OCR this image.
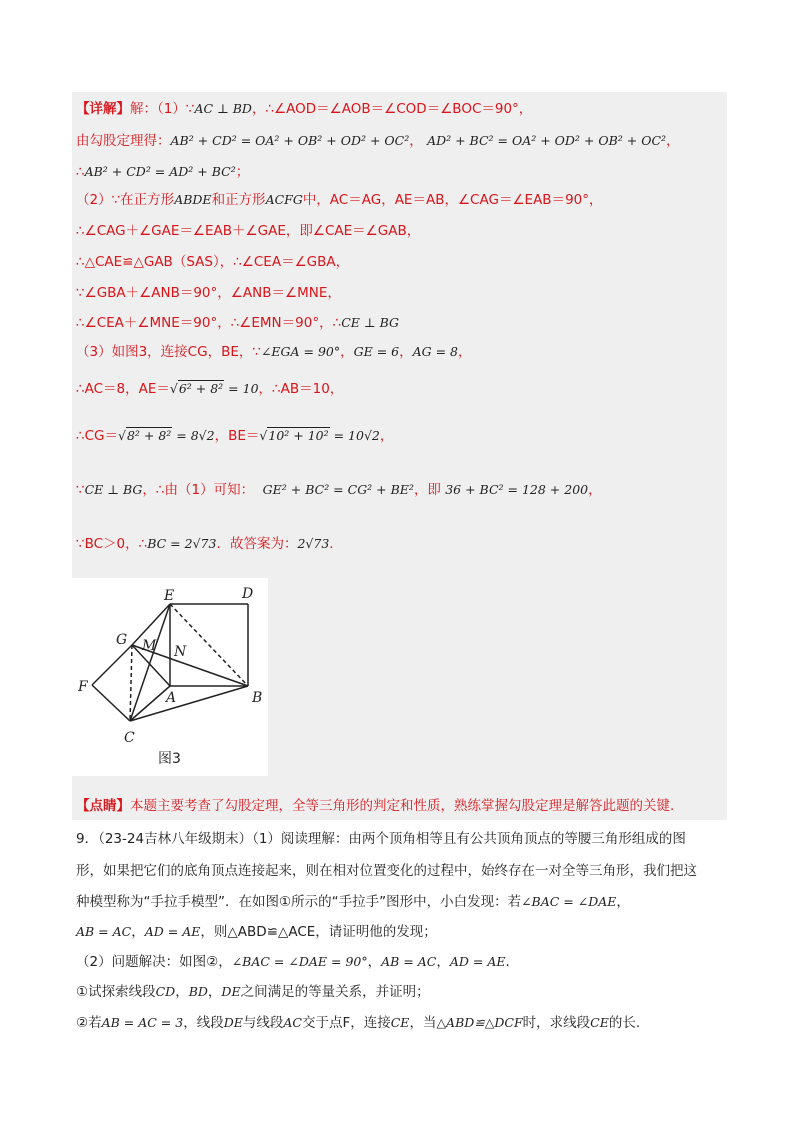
【详解】解：（1）∵AC ⊥ BD，∴∠AOD＝∠AOB＝∠COD＝∠BOC＝90°，
由勾股定理得：AB² + CD² = OA² + OB² + OD² + OC²， AD² + BC² = OA² + OD² + OB² + OC²，
∴AB² + CD² = AD² + BC²；
（2）∵在正方形ABDE和正方形ACFG中，AC＝AG，AE＝AB，∠CAG＝∠EAB＝90°，
∴∠CAG＋∠GAE＝∠EAB＋∠GAE，即∠CAE＝∠GAB，
∴△CAE≌△GAB（SAS），∴∠CEA＝∠GBA，
∵∠GBA＋∠ANB＝90°，∠ANB＝∠MNE，
∴∠CEA＋∠MNE＝90°，∴∠EMN＝90°，∴CE ⊥ BG
（3）如图3，连接CG，BE，∵∠EGA = 90°，GE = 6，AG = 8，
∴AC＝8，AE＝√6² + 8² = 10，∴AB＝10，
∴CG＝√8² + 8² = 8√2，BE＝√10² + 10² = 10√2，
∵CE ⊥ BG，∴由（1）可知： GE² + BC² = CG² + BE²，即 36 + BC² = 128 + 200，
∵BC＞0，∴BC = 2√73．故答案为：2√73．
E	D
G M N
F
A	B
C
图3
【点睛】本题主要考查了勾股定理，全等三角形的判定和性质，熟练掌握勾股定理是解答此题的关键.
9．（23-24吉林八年级期末）（1）阅读理解：由两个顶角相等且有公共顶角顶点的等腰三角形组成的图
形，如果把它们的底角顶点连接起来，则在相对位置变化的过程中，始终存在一对全等三角形，我们把这
种模型称为“手拉手模型”．在如图①所示的“手拉手”图形中，小白发现：若∠BAC = ∠DAE，
AB = AC，AD = AE，则△ABD≌△ACE，请证明他的发现；
（2）问题解决：如图②，∠BAC = ∠DAE = 90°，AB = AC，AD = AE．
①试探索线段CD，BD，DE之间满足的等量关系，并证明；
②若AB = AC = 3，线段DE与线段AC交于点F，连接CE，当△ABD≌△DCF时，求线段CE的长.
